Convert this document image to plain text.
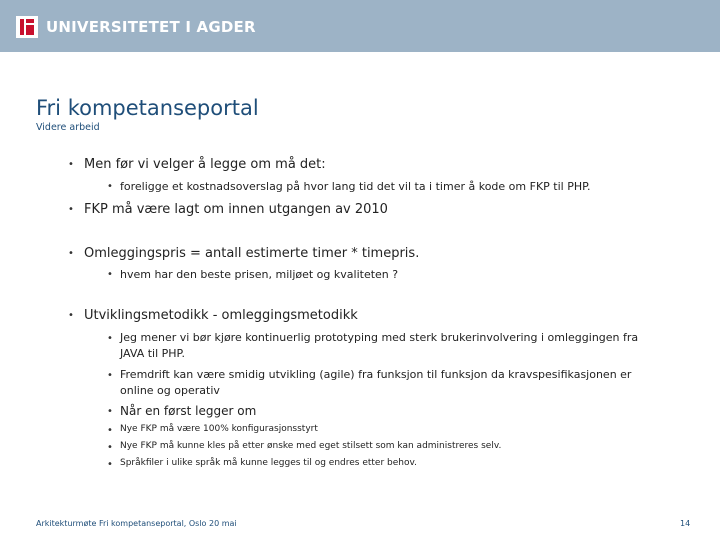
UNIVERSITETET I AGDER
Fri kompetanseportal
Videre arbeid
• Men før vi velger å legge om må det:
• foreligge et kostnadsoverslag på hvor lang tid det vil ta i timer å kode om FKP til PHP.
• FKP må være lagt om innen utgangen av 2010
• Omleggingspris = antall estimerte timer * timepris.
• hvem har den beste prisen, miljøet og kvaliteten ?
• Utviklingsmetodikk - omleggingsmetodikk
• Jeg mener vi bør kjøre kontinuerlig prototyping med sterk brukerinvolvering i omleggingen fra
JAVA til PHP.
• Fremdrift kan være smidig utvikling (agile) fra funksjon til funksjon da kravspesifikasjonen er
online og operativ
• Når en først legger om
• Nye FKP må være 100% konfigurasjonsstyrt
• Nye FKP må kunne kles på etter ønske med eget stilsett som kan administreres selv.
• Språkfiler i ulike språk må kunne legges til og endres etter behov.
Arkitekturmøte Fri kompetanseportal, Oslo 20 mai	14
